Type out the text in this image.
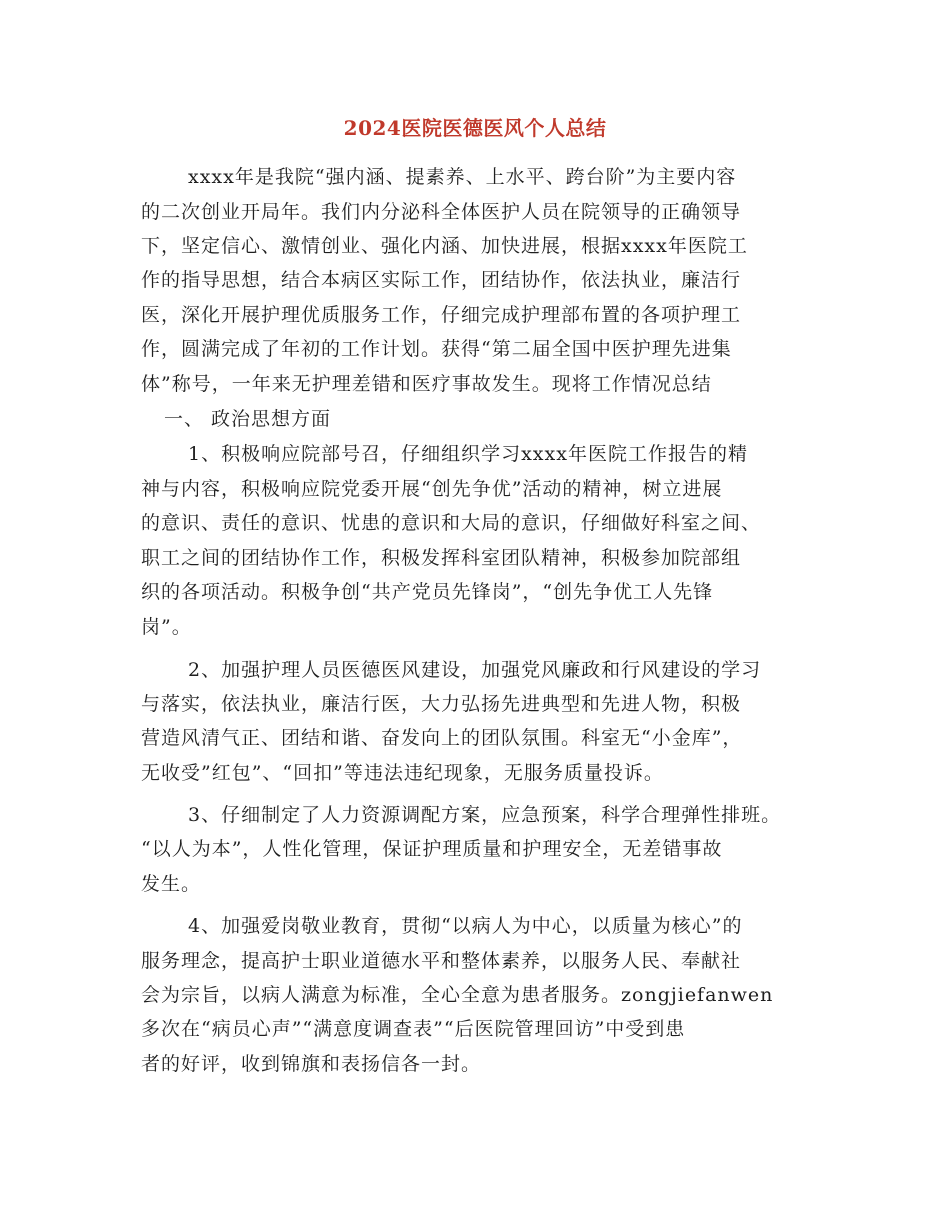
2024医院医德医风个人总结
xxxx年是我院“强内涵、提素养、上水平、跨台阶”为主要内容
的二次创业开局年。我们内分泌科全体医护人员在院领导的正确领导
下，坚定信心、激情创业、强化内涵、加快进展，根据xxxx年医院工
作的指导思想，结合本病区实际工作，团结协作，依法执业，廉洁行
医，深化开展护理优质服务工作，仔细完成护理部布置的各项护理工
作，圆满完成了年初的工作计划。获得“第二届全国中医护理先进集
体”称号，一年来无护理差错和医疗事故发生。现将工作情况总结
一、 政治思想方面
1、积极响应院部号召，仔细组织学习xxxx年医院工作报告的精
神与内容，积极响应院党委开展“创先争优”活动的精神，树立进展
的意识、责任的意识、忧患的意识和大局的意识，仔细做好科室之间、
职工之间的团结协作工作，积极发挥科室团队精神，积极参加院部组
织的各项活动。积极争创“共产党员先锋岗”，“创先争优工人先锋
岗”。
2、加强护理人员医德医风建设，加强党风廉政和行风建设的学习
与落实，依法执业，廉洁行医，大力弘扬先进典型和先进人物，积极
营造风清气正、团结和谐、奋发向上的团队氛围。科室无“小金库”，
无收受”红包”、“回扣”等违法违纪现象，无服务质量投诉。
3、仔细制定了人力资源调配方案，应急预案，科学合理弹性排班。
“以人为本”，人性化管理，保证护理质量和护理安全，无差错事故
发生。
4、加强爱岗敬业教育，贯彻“以病人为中心，以质量为核心”的
服务理念，提高护士职业道德水平和整体素养，以服务人民、奉献社
会为宗旨，以病人满意为标准，全心全意为患者服务。zongjiefanwen
多次在“病员心声”“满意度调查表”“后医院管理回访”中受到患
者的好评，收到锦旗和表扬信各一封。
